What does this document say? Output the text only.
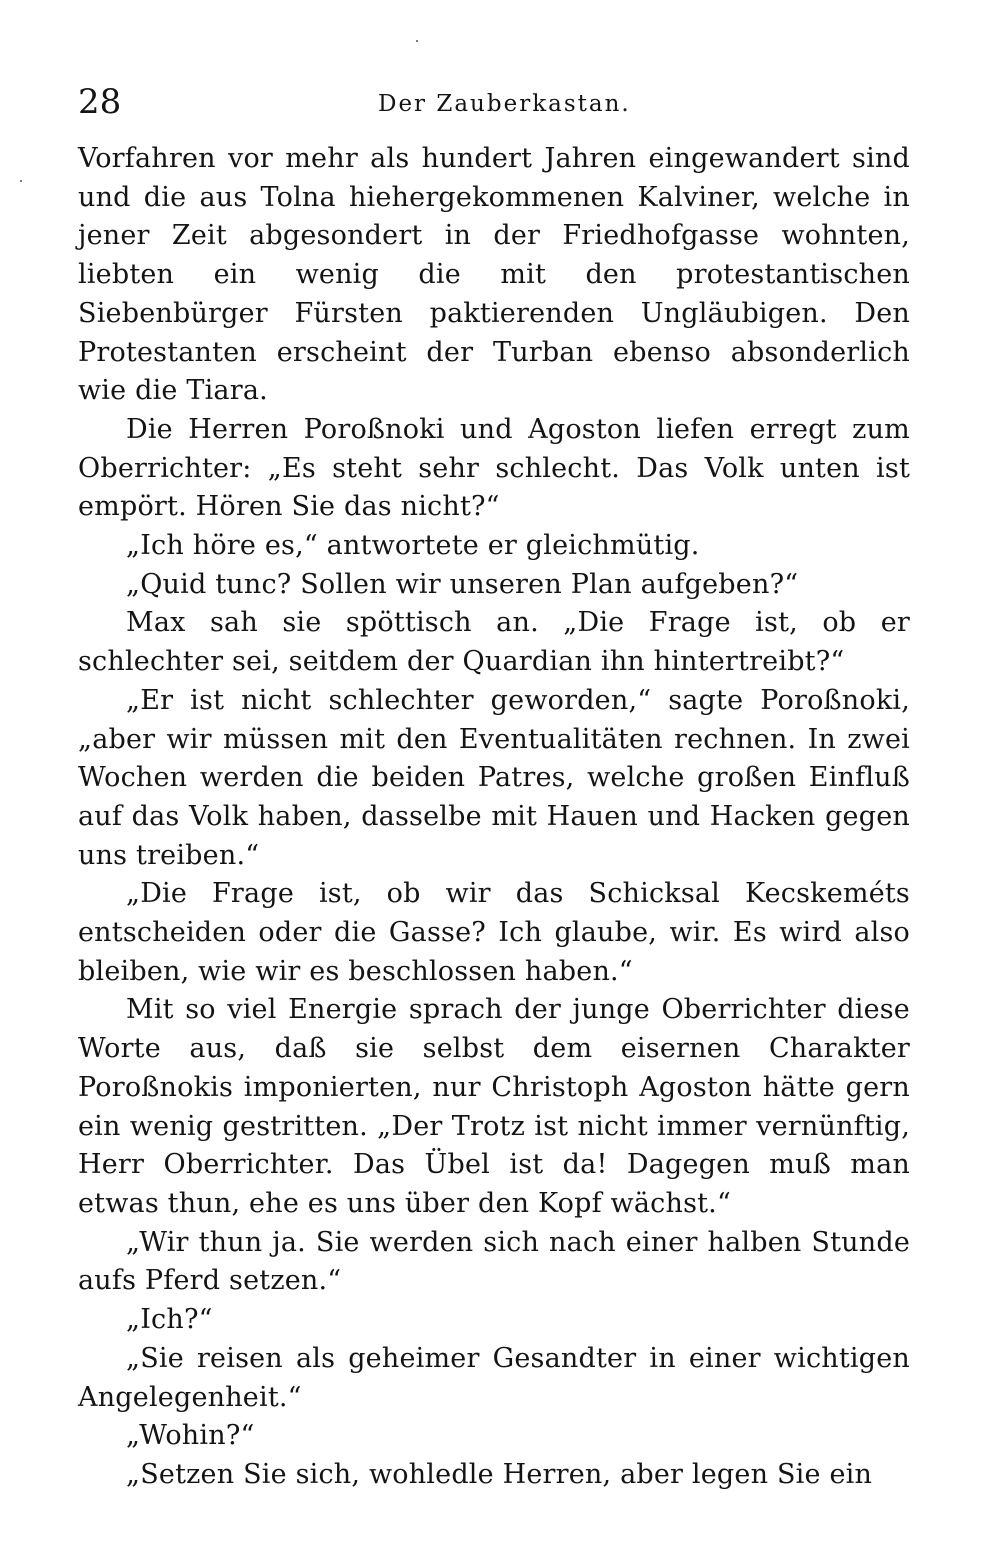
28	Der Zauberkastan.

Vorfahren vor mehr als hundert Jahren eingewandert sind und die aus Tolna hiehergekommenen Kalviner, welche in jener Zeit abgesondert in der Friedhofgasse wohnten, liebten ein wenig die mit den protestantischen Siebenbürger Fürsten paktierenden Ungläubigen. Den Protestanten erscheint der Turban ebenso absonderlich wie die Tiara.

Die Herren Poroßnoki und Agoston liefen erregt zum Oberrichter: „Es steht sehr schlecht. Das Volk unten ist empört. Hören Sie das nicht?“

„Ich höre es,“ antwortete er gleichmütig.

„Quid tunc? Sollen wir unseren Plan aufgeben?“

Max sah sie spöttisch an. „Die Frage ist, ob er schlechter sei, seitdem der Quardian ihn hintertreibt?“

„Er ist nicht schlechter geworden,“ sagte Poroßnoki, „aber wir müssen mit den Eventualitäten rechnen. In zwei Wochen werden die beiden Patres, welche großen Einfluß auf das Volk haben, dasselbe mit Hauen und Hacken gegen uns treiben.“

„Die Frage ist, ob wir das Schicksal Kecskeméts entscheiden oder die Gasse? Ich glaube, wir. Es wird also bleiben, wie wir es beschlossen haben.“

Mit so viel Energie sprach der junge Oberrichter diese Worte aus, daß sie selbst dem eisernen Charakter Poroßnokis imponierten, nur Christoph Agoston hätte gern ein wenig gestritten. „Der Trotz ist nicht immer vernünftig, Herr Oberrichter. Das Übel ist da! Dagegen muß man etwas thun, ehe es uns über den Kopf wächst.“

„Wir thun ja. Sie werden sich nach einer halben Stunde aufs Pferd setzen.“

„Ich?“

„Sie reisen als geheimer Gesandter in einer wichtigen Angelegenheit.“

„Wohin?“

„Setzen Sie sich, wohledle Herren, aber legen Sie ein
